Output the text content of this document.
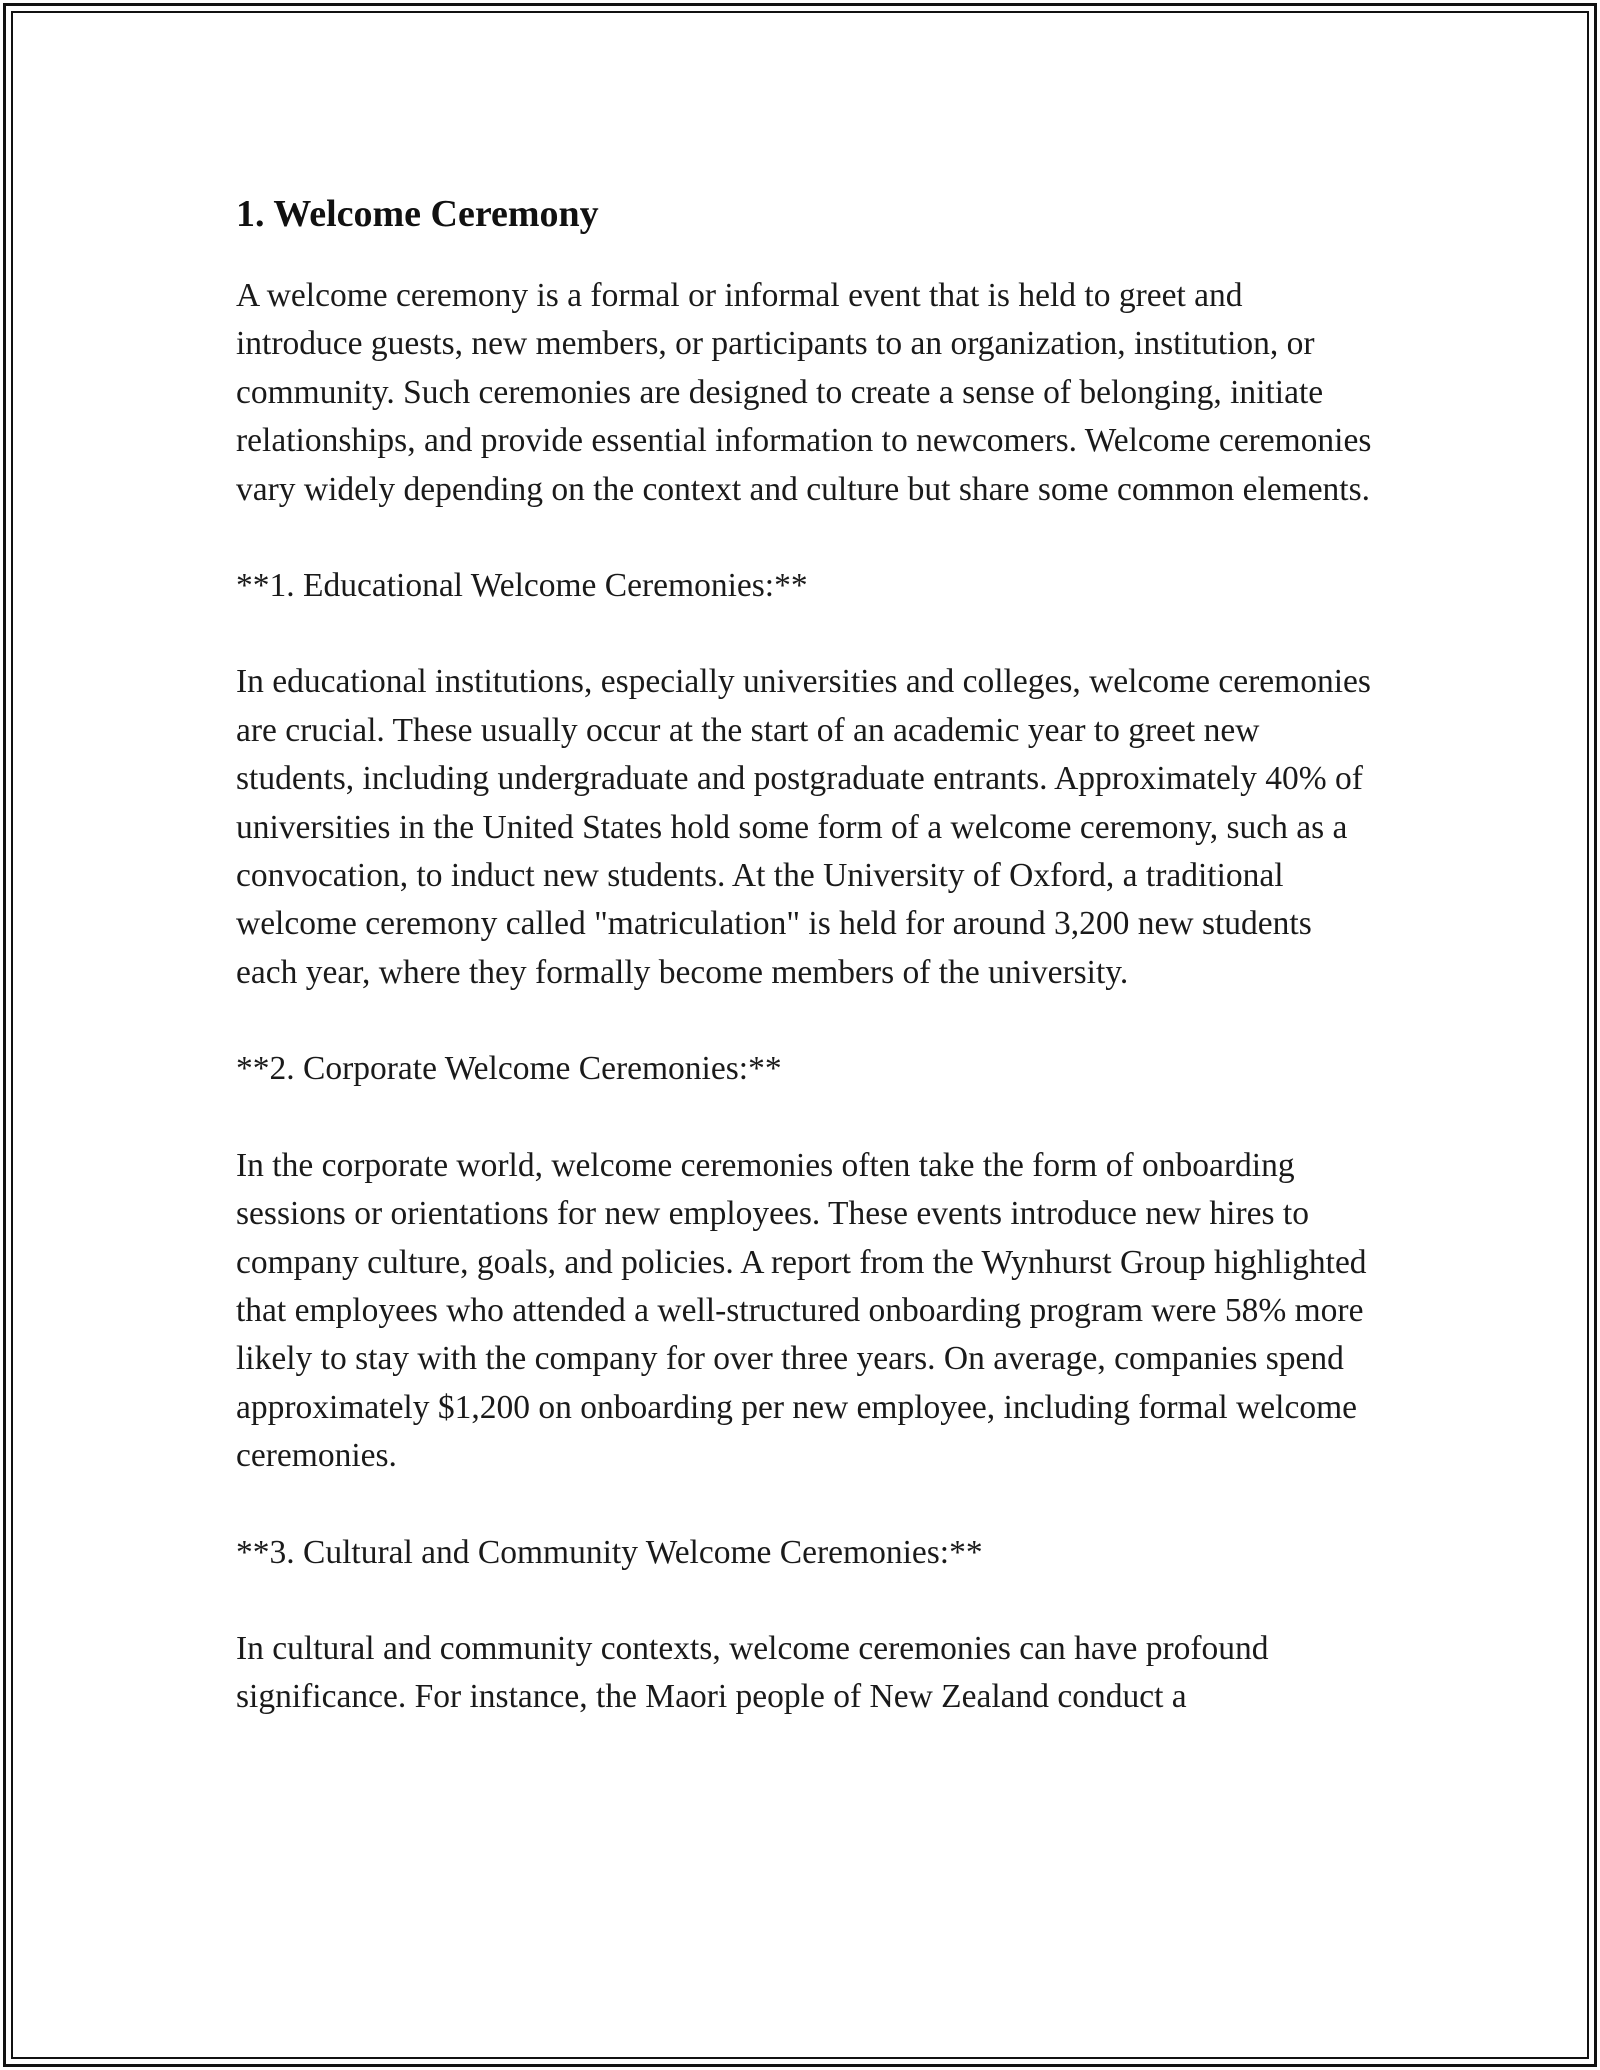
1. Welcome Ceremony

A welcome ceremony is a formal or informal event that is held to greet and introduce guests, new members, or participants to an organization, institution, or community. Such ceremonies are designed to create a sense of belonging, initiate relationships, and provide essential information to newcomers. Welcome ceremonies vary widely depending on the context and culture but share some common elements.

**1. Educational Welcome Ceremonies:**

In educational institutions, especially universities and colleges, welcome ceremonies are crucial. These usually occur at the start of an academic year to greet new students, including undergraduate and postgraduate entrants. Approximately 40% of universities in the United States hold some form of a welcome ceremony, such as a convocation, to induct new students. At the University of Oxford, a traditional welcome ceremony called "matriculation" is held for around 3,200 new students each year, where they formally become members of the university.

**2. Corporate Welcome Ceremonies:**

In the corporate world, welcome ceremonies often take the form of onboarding sessions or orientations for new employees. These events introduce new hires to company culture, goals, and policies. A report from the Wynhurst Group highlighted that employees who attended a well-structured onboarding program were 58% more likely to stay with the company for over three years. On average, companies spend approximately $1,200 on onboarding per new employee, including formal welcome ceremonies.

**3. Cultural and Community Welcome Ceremonies:**

In cultural and community contexts, welcome ceremonies can have profound significance. For instance, the Maori people of New Zealand conduct a
